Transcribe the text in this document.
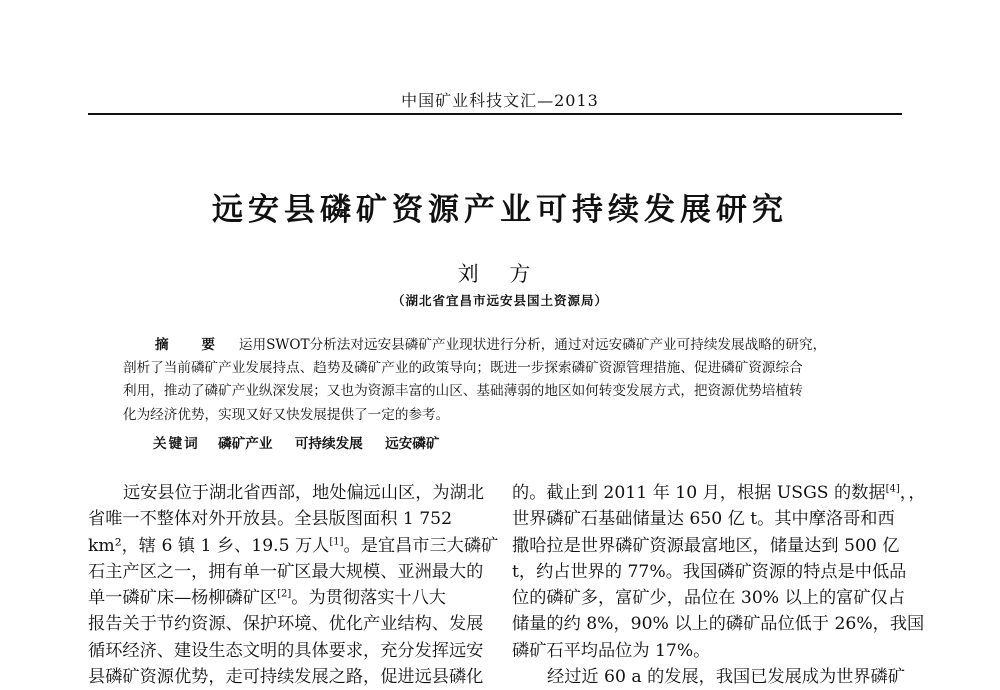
中国矿业科技文汇—2013
远安县磷矿资源产业可持续发展研究
刘 方
（湖北省宜昌市远安县国土资源局）
摘 要 运用SWOT分析法对远安县磷矿产业现状进行分析，通过对远安磷矿产业可持续发展战略的研究，
剖析了当前磷矿产业发展持点、趋势及磷矿产业的政策导向；既进一步探索磷矿资源管理措施、促进磷矿资源综合
利用，推动了磷矿产业纵深发展；又也为资源丰富的山区、基础薄弱的地区如何转变发展方式，把资源优势培植转
化为经济优势，实现又好又快发展提供了一定的参考。
关键词 磷矿产业 可持续发展 远安磷矿
远安县位于湖北省西部，地处偏远山区，为湖北
省唯一不整体对外开放县。全县版图面积 1 752
km²，辖 6 镇 1 乡、19.5 万人[1]。是宜昌市三大磷矿
石主产区之一，拥有单一矿区最大规模、亚洲最大的
单一磷矿床—杨柳磷矿区[2]。为贯彻落实十八大
报告关于节约资源、保护环境、优化产业结构、发展
循环经济、建设生态文明的具体要求，充分发挥远安
县磷矿资源优势，走可持续发展之路，促进远县磷化
的。截止到 2011 年 10 月，根据 USGS 的数据[4]，，
世界磷矿石基础储量达 650 亿 t。其中摩洛哥和西
撒哈拉是世界磷矿资源最富地区，储量达到 500 亿
t，约占世界的 77%。我国磷矿资源的特点是中低品
位的磷矿多，富矿少，品位在 30% 以上的富矿仅占
储量的约 8%，90% 以上的磷矿品位低于 26%，我国
磷矿石平均品位为 17%。
经过近 60 a 的发展，我国已发展成为世界磷矿
